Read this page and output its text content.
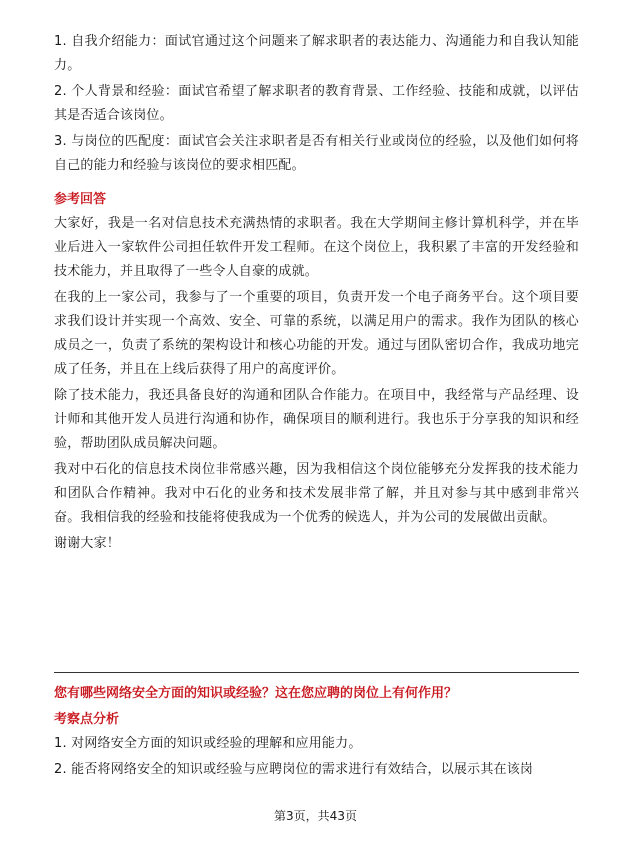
1. 自我介绍能力：面试官通过这个问题来了解求职者的表达能力、沟通能力和自我认知能力。

2. 个人背景和经验：面试官希望了解求职者的教育背景、工作经验、技能和成就，以评估其是否适合该岗位。

3. 与岗位的匹配度：面试官会关注求职者是否有相关行业或岗位的经验，以及他们如何将自己的能力和经验与该岗位的要求相匹配。

参考回答

大家好，我是一名对信息技术充满热情的求职者。我在大学期间主修计算机科学，并在毕业后进入一家软件公司担任软件开发工程师。在这个岗位上，我积累了丰富的开发经验和技术能力，并且取得了一些令人自豪的成就。

在我的上一家公司，我参与了一个重要的项目，负责开发一个电子商务平台。这个项目要求我们设计并实现一个高效、安全、可靠的系统，以满足用户的需求。我作为团队的核心成员之一，负责了系统的架构设计和核心功能的开发。通过与团队密切合作，我成功地完成了任务，并且在上线后获得了用户的高度评价。

除了技术能力，我还具备良好的沟通和团队合作能力。在项目中，我经常与产品经理、设计师和其他开发人员进行沟通和协作，确保项目的顺利进行。我也乐于分享我的知识和经验，帮助团队成员解决问题。

我对中石化的信息技术岗位非常感兴趣，因为我相信这个岗位能够充分发挥我的技术能力和团队合作精神。我对中石化的业务和技术发展非常了解，并且对参与其中感到非常兴奋。我相信我的经验和技能将使我成为一个优秀的候选人，并为公司的发展做出贡献。

谢谢大家！

您有哪些网络安全方面的知识或经验？这在您应聘的岗位上有何作用？

考察点分析

1. 对网络安全方面的知识或经验的理解和应用能力。

2. 能否将网络安全的知识或经验与应聘岗位的需求进行有效结合，以展示其在该岗

第3页，共43页
